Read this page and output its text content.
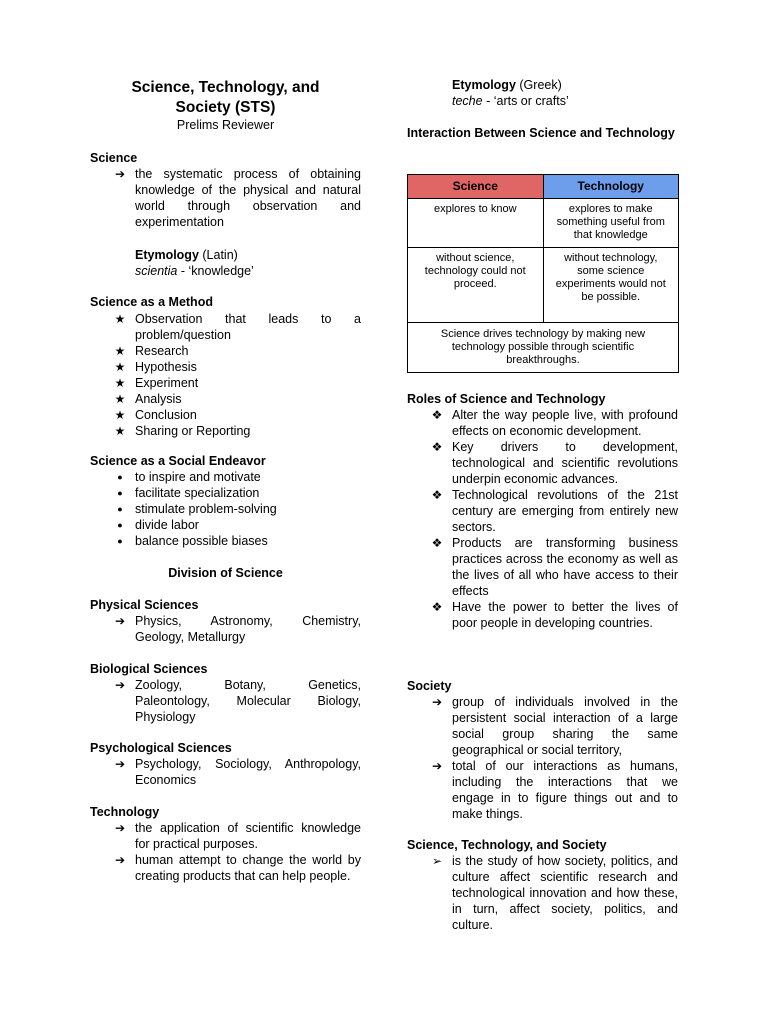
Science, Technology, and
Society (STS)
Prelims Reviewer
Science
➔ the systematic process of obtaining knowledge of the physical and natural world through observation and experimentation
Etymology (Latin)
scientia - ‘knowledge’
Science as a Method
★ Observation that leads to a problem/question
★ Research
★ Hypothesis
★ Experiment
★ Analysis
★ Conclusion
★ Sharing or Reporting
Science as a Social Endeavor
● to inspire and motivate
● facilitate specialization
● stimulate problem-solving
● divide labor
● balance possible biases
Division of Science
Physical Sciences
➔ Physics, Astronomy, Chemistry, Geology, Metallurgy
Biological Sciences
➔ Zoology, Botany, Genetics, Paleontology, Molecular Biology, Physiology
Psychological Sciences
➔ Psychology, Sociology, Anthropology, Economics
Technology
➔ the application of scientific knowledge for practical purposes.
➔ human attempt to change the world by creating products that can help people.
Etymology (Greek)
teche - ‘arts or crafts’
Interaction Between Science and Technology
Science	Technology
explores to know	explores to make something useful from that knowledge
without science, technology could not proceed.	without technology, some science experiments would not be possible.
Science drives technology by making new technology possible through scientific breakthroughs.	
Roles of Science and Technology
❖ Alter the way people live, with profound effects on economic development.
❖ Key drivers to development, technological and scientific revolutions underpin economic advances.
❖ Technological revolutions of the 21st century are emerging from entirely new sectors.
❖ Products are transforming business practices across the economy as well as the lives of all who have access to their effects
❖ Have the power to better the lives of poor people in developing countries.
Society
➔ group of individuals involved in the persistent social interaction of a large social group sharing the same geographical or social territory,
➔ total of our interactions as humans, including the interactions that we engage in to figure things out and to make things.
Science, Technology, and Society
➢ is the study of how society, politics, and culture affect scientific research and technological innovation and how these, in turn, affect society, politics, and culture.
